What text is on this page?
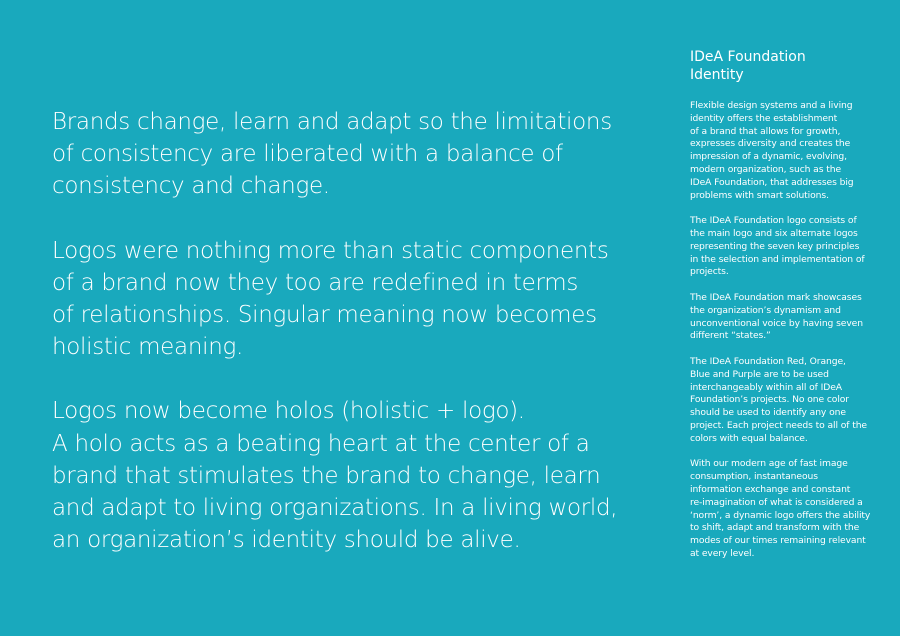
Brands change, learn and adapt so the limitations
of consistency are liberated with a balance of
consistency and change.

Logos were nothing more than static components
of a brand now they too are redefined in terms
of relationships. Singular meaning now becomes
holistic meaning.

Logos now become holos (holistic + logo).
A holo acts as a beating heart at the center of a
brand that stimulates the brand to change, learn
and adapt to living organizations. In a living world,
an organization’s identity should be alive.

IDeA Foundation
Identity

Flexible design systems and a living
identity offers the establishment
of a brand that allows for growth,
expresses diversity and creates the
impression of a dynamic, evolving,
modern organization, such as the
IDeA Foundation, that addresses big
problems with smart solutions.

The IDeA Foundation logo consists of
the main logo and six alternate logos
representing the seven key principles
in the selection and implementation of
projects.

The IDeA Foundation mark showcases
the organization’s dynamism and
unconventional voice by having seven
different “states.”

The IDeA Foundation Red, Orange,
Blue and Purple are to be used
interchangeably within all of IDeA
Foundation’s projects. No one color
should be used to identify any one
project. Each project needs to all of the
colors with equal balance.

With our modern age of fast image
consumption, instantaneous
information exchange and constant
re-imagination of what is considered a
‘norm’, a dynamic logo offers the ability
to shift, adapt and transform with the
modes of our times remaining relevant
at every level.
